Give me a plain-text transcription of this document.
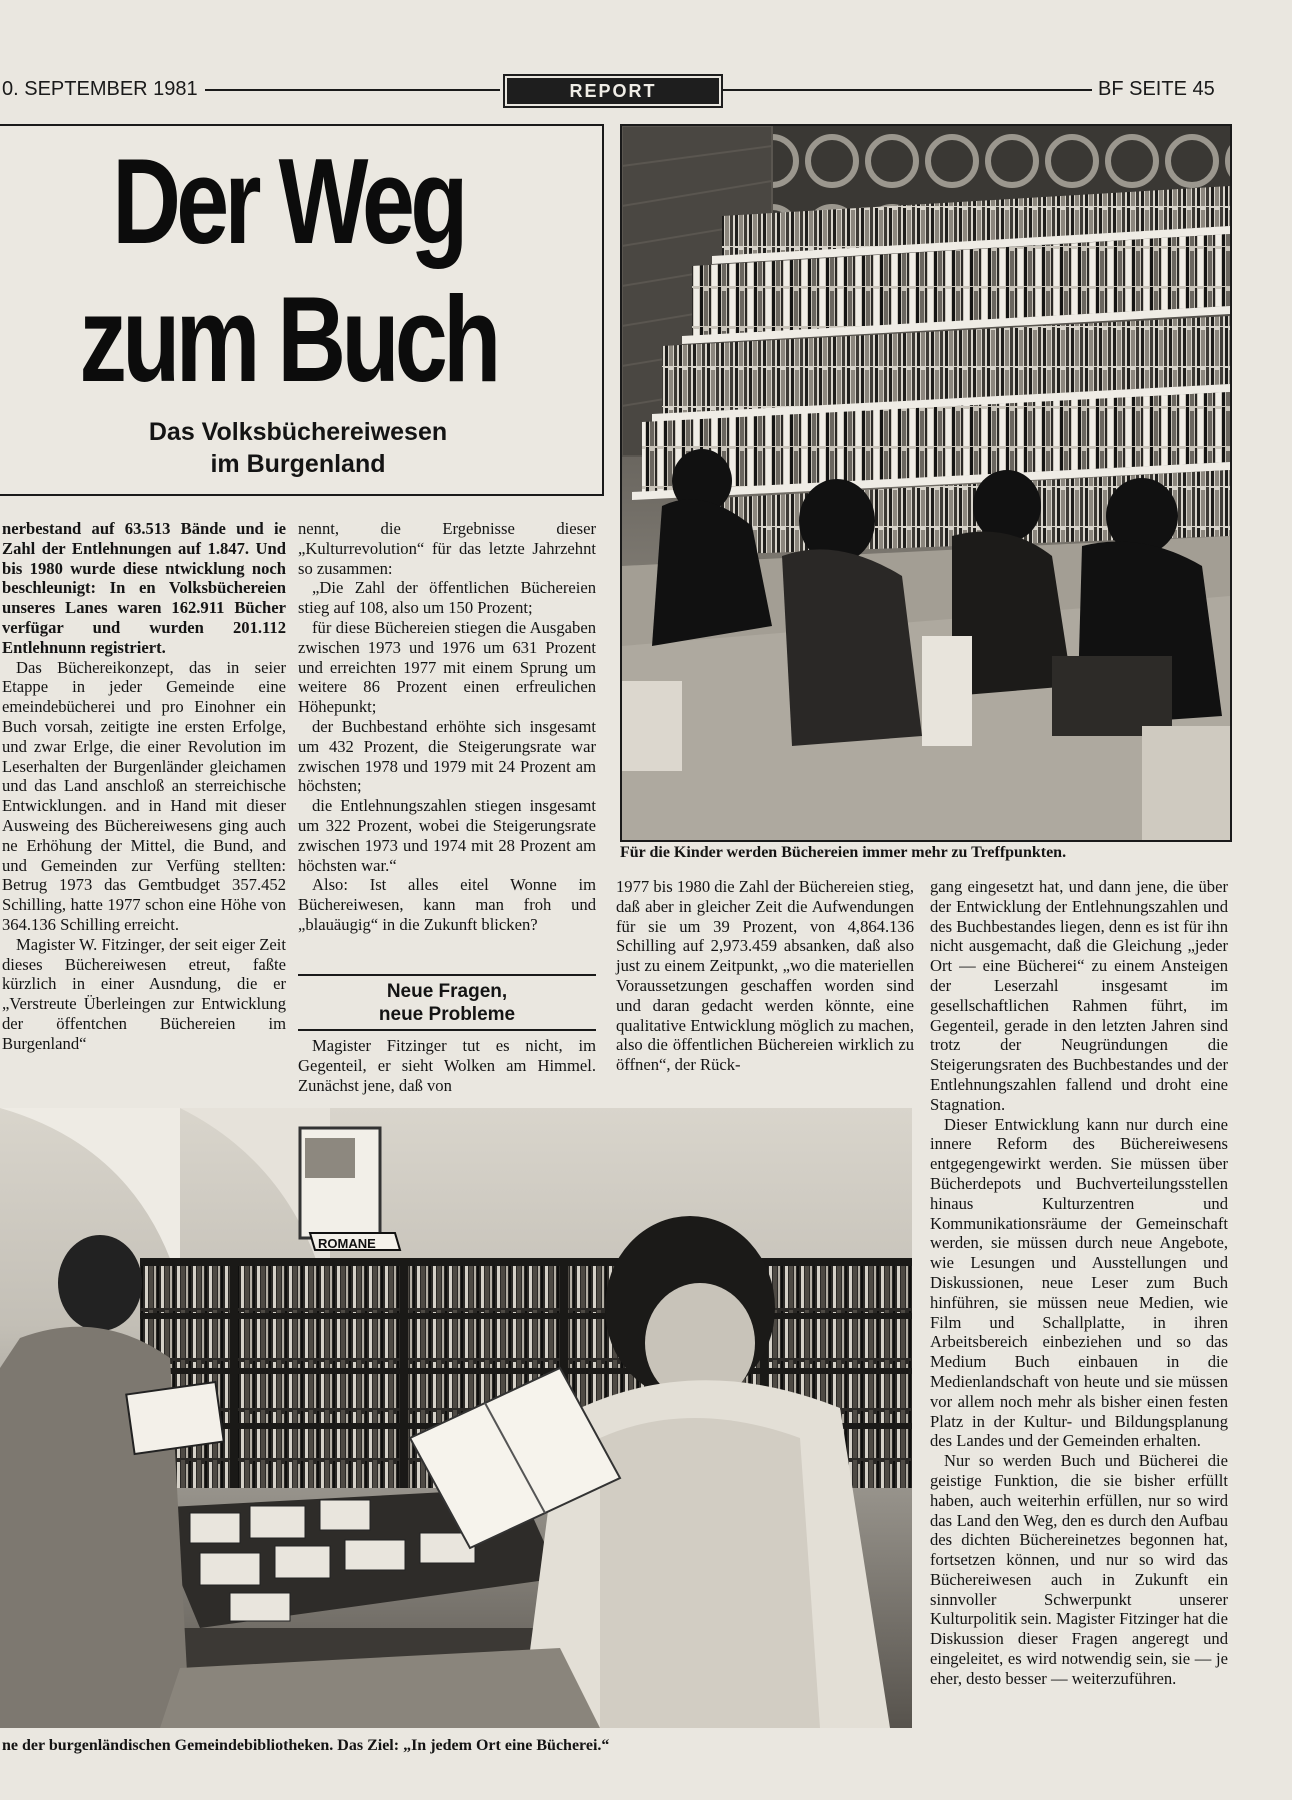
0. SEPTEMBER 1981	REPORT	BF SEITE 45
Der Weg
zum Buch
Das Volksbüchereiwesen
im Burgenland
Für die Kinder werden Büchereien immer mehr zu Treffpunkten.

nerbestand auf 63.513 Bände und ie Zahl der Entlehnungen auf 1.847. Und bis 1980 wurde diese ntwicklung noch beschleunigt: In en Volksbüchereien unseres Lanes waren 162.911 Bücher verfügar und wurden 201.112 Entlehnunn registriert.

Das Büchereikonzept, das in seier Etappe in jeder Gemeinde eine emeindebücherei und pro Einohner ein Buch vorsah, zeitigte ine ersten Erfolge, und zwar Erlge, die einer Revolution im Leserhalten der Burgenländer gleichamen und das Land anschloß an sterreichische Entwicklungen. and in Hand mit dieser Ausweing des Büchereiwesens ging auch ne Erhöhung der Mittel, die Bund, and und Gemeinden zur Verfüng stellten: Betrug 1973 das Gemtbudget 357.452 Schilling, hatte 1977 schon eine Höhe von 364.136 Schilling erreicht.

Magister W. Fitzinger, der seit eiger Zeit dieses Büchereiwesen etreut, faßte kürzlich in einer Ausndung, die er „Verstreute Überleingen zur Entwicklung der öffentchen Büchereien im Burgenland“

nennt, die Ergebnisse dieser „Kulturrevolution“ für das letzte Jahrzehnt so zusammen:

„Die Zahl der öffentlichen Büchereien stieg auf 108, also um 150 Prozent;

für diese Büchereien stiegen die Ausgaben zwischen 1973 und 1976 um 631 Prozent und erreichten 1977 mit einem Sprung um weitere 86 Prozent einen erfreulichen Höhepunkt;

der Buchbestand erhöhte sich insgesamt um 432 Prozent, die Steigerungsrate war zwischen 1978 und 1979 mit 24 Prozent am höchsten;

die Entlehnungszahlen stiegen insgesamt um 322 Prozent, wobei die Steigerungsrate zwischen 1973 und 1974 mit 28 Prozent am höchsten war.“

Also: Ist alles eitel Wonne im Büchereiwesen, kann man froh und „blauäugig“ in die Zukunft blicken?

Neue Fragen,
neue Probleme

Magister Fitzinger tut es nicht, im Gegenteil, er sieht Wolken am Himmel. Zunächst jene, daß von

1977 bis 1980 die Zahl der Büchereien stieg, daß aber in gleicher Zeit die Aufwendungen für sie um 39 Prozent, von 4,864.136 Schilling auf 2,973.459 absanken, daß also just zu einem Zeitpunkt, „wo die materiellen Voraussetzungen geschaffen worden sind und daran gedacht werden könnte, eine qualitative Entwicklung möglich zu machen, also die öffentlichen Büchereien wirklich zu öffnen“, der Rück-

gang eingesetzt hat, und dann jene, die über der Entwicklung der Entlehnungszahlen und des Buchbestandes liegen, denn es ist für ihn nicht ausgemacht, daß die Gleichung „jeder Ort — eine Bücherei“ zu einem Ansteigen der Leserzahl insgesamt im gesellschaftlichen Rahmen führt, im Gegenteil, gerade in den letzten Jahren sind trotz der Neugründungen die Steigerungsraten des Buchbestandes und der Entlehnungszahlen fallend und droht eine Stagnation.

Dieser Entwicklung kann nur durch eine innere Reform des Büchereiwesens entgegengewirkt werden. Sie müssen über Bücherdepots und Buchverteilungsstellen hinaus Kulturzentren und Kommunikationsräume der Gemeinschaft werden, sie müssen durch neue Angebote, wie Lesungen und Ausstellungen und Diskussionen, neue Leser zum Buch hinführen, sie müssen neue Medien, wie Film und Schallplatte, in ihren Arbeitsbereich einbeziehen und so das Medium Buch einbauen in die Medienlandschaft von heute und sie müssen vor allem noch mehr als bisher einen festen Platz in der Kultur- und Bildungsplanung des Landes und der Gemeinden erhalten.

Nur so werden Buch und Bücherei die geistige Funktion, die sie bisher erfüllt haben, auch weiterhin erfüllen, nur so wird das Land den Weg, den es durch den Aufbau des dichten Büchereinetzes begonnen hat, fortsetzen können, und nur so wird das Büchereiwesen auch in Zukunft ein sinnvoller Schwerpunkt unserer Kulturpolitik sein. Magister Fitzinger hat die Diskussion dieser Fragen angeregt und eingeleitet, es wird notwendig sein, sie — je eher, desto besser — weiterzuführen.

ROMANE
ne der burgenländischen Gemeindebibliotheken. Das Ziel: „In jedem Ort eine Bücherei.“
